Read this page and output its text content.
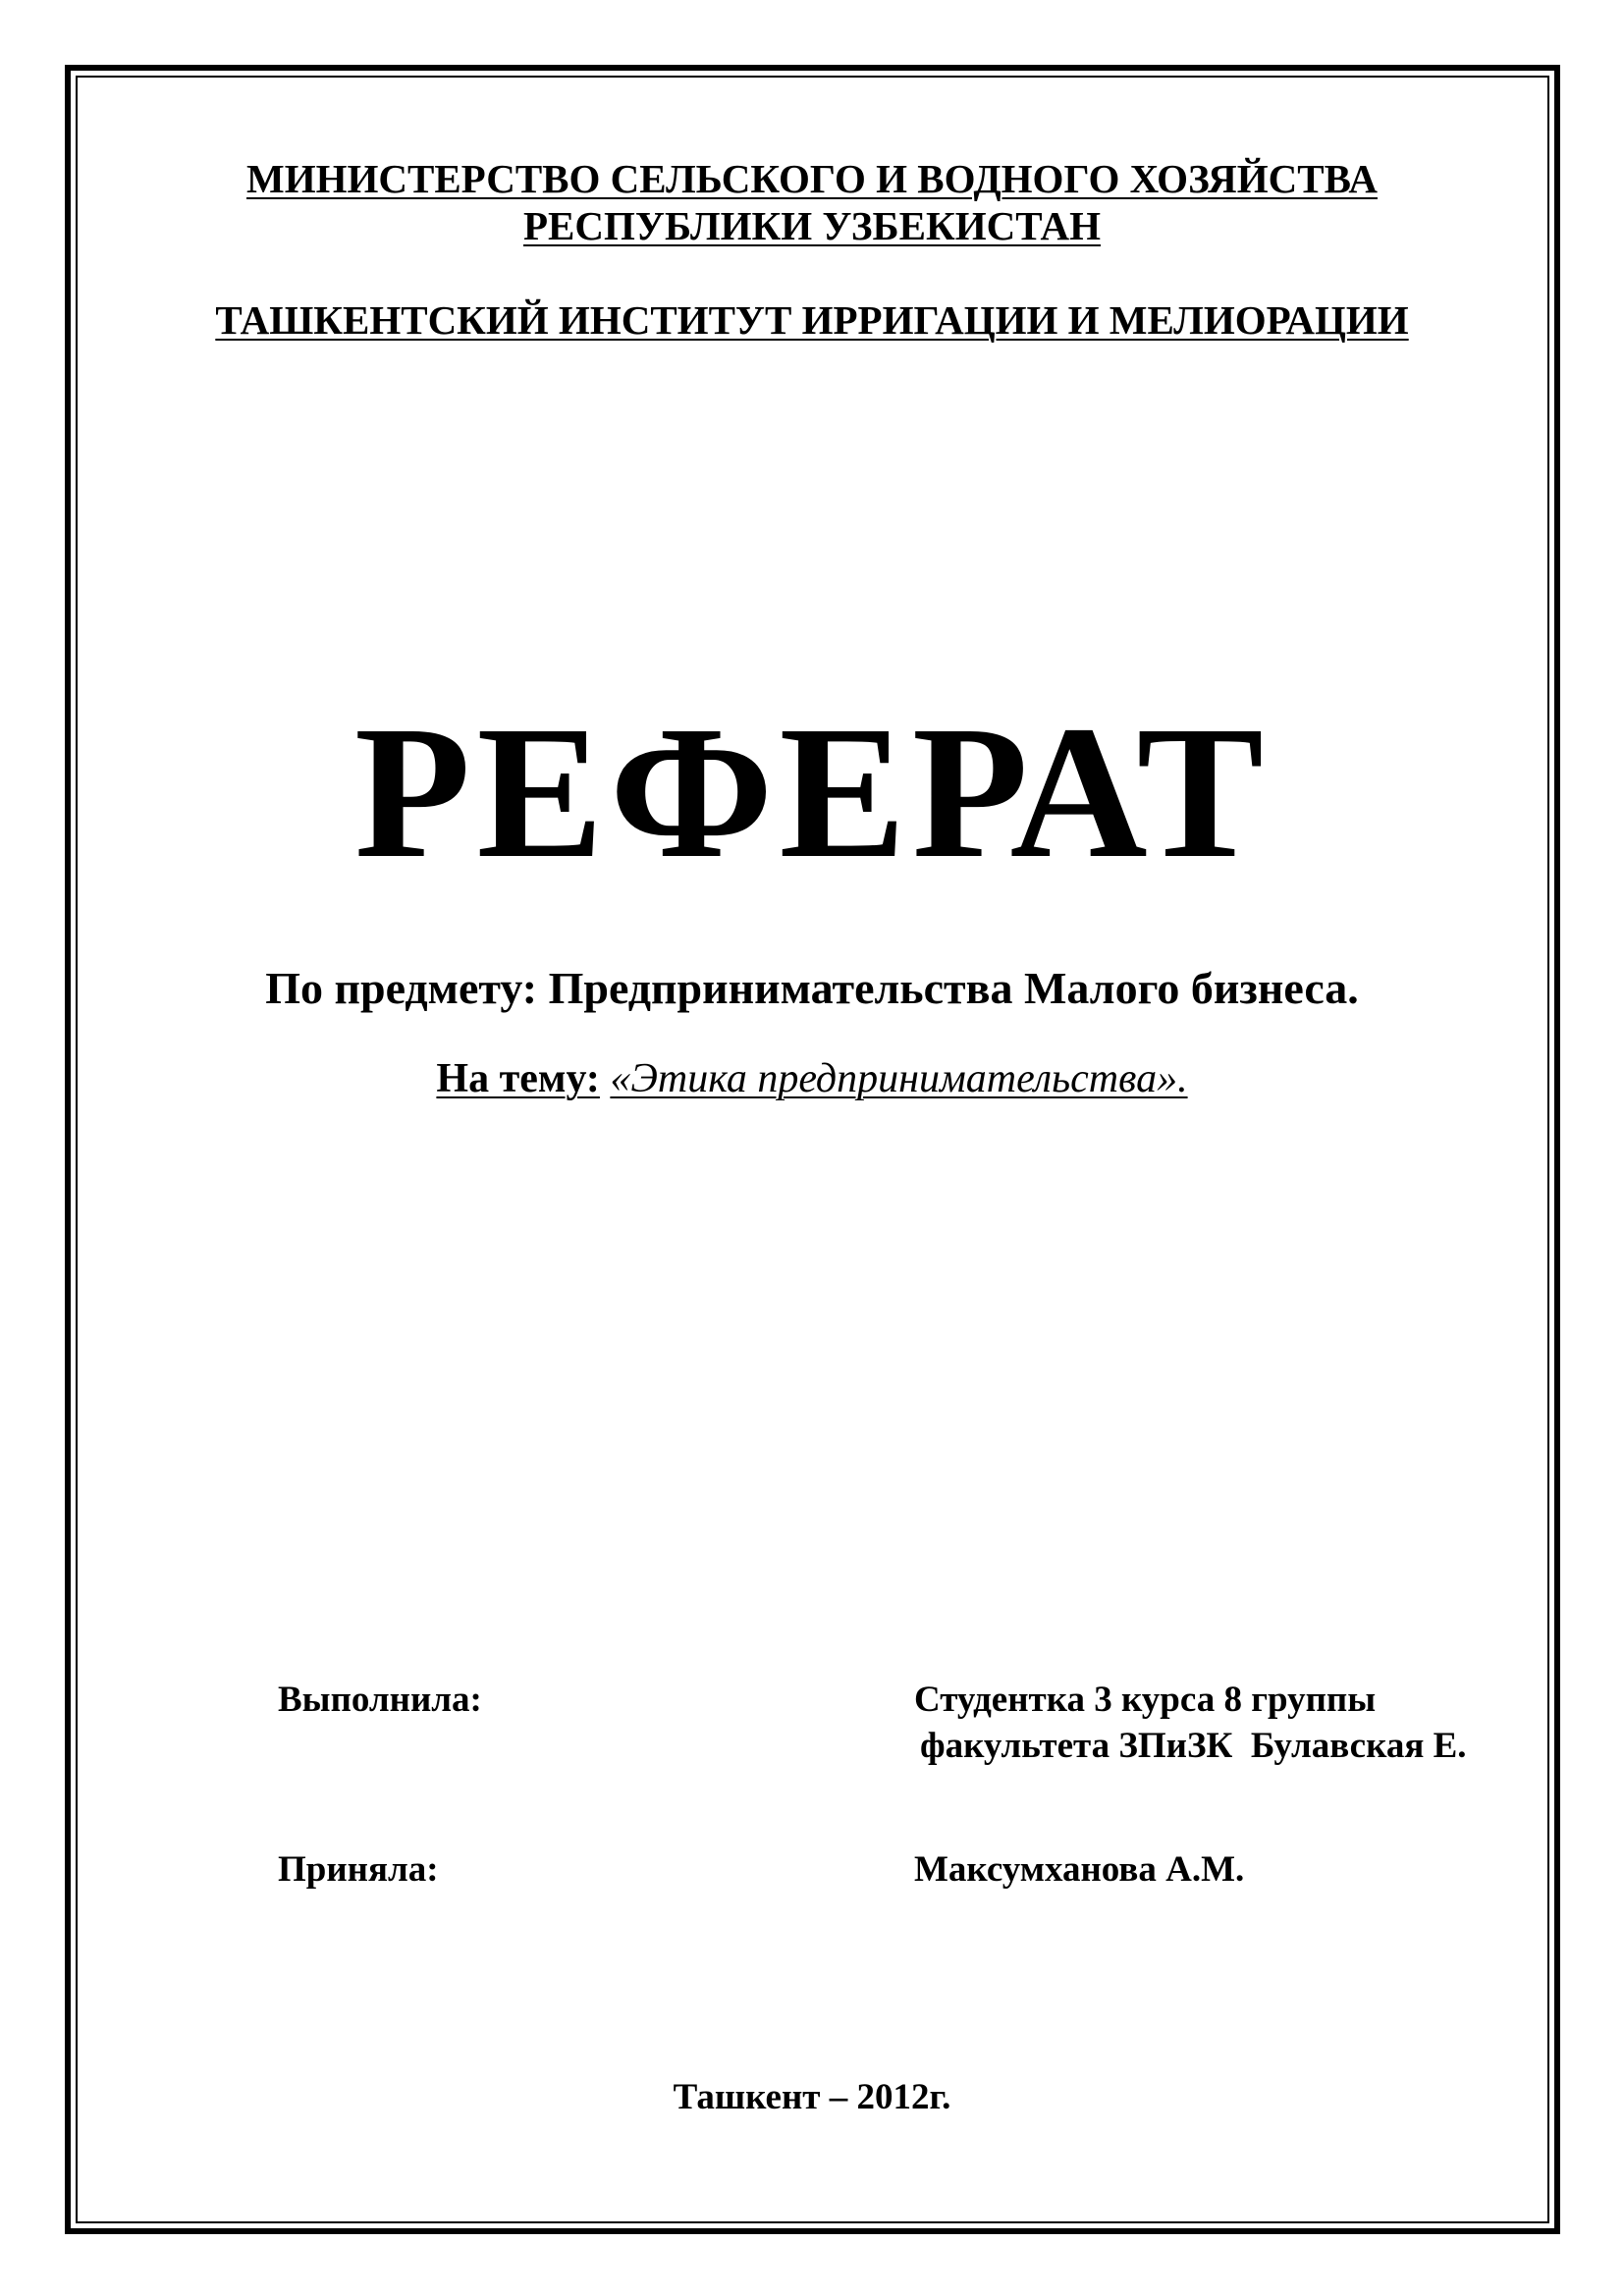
МИНИСТЕРСТВО СЕЛЬСКОГО И ВОДНОГО ХОЗЯЙСТВА
РЕСПУБЛИКИ УЗБЕКИСТАН
ТАШКЕНТСКИЙ ИНСТИТУТ ИРРИГАЦИИ И МЕЛИОРАЦИИ
РЕФЕРАТ
По предмету: Предпринимательства Малого бизнеса.
На тему: «Этика предпринимательства».
Выполнила:	Студентка 3 курса 8 группы
факультета ЗПиЗК  Булавская Е.
Приняла:	Максумханова А.М.
Ташкент – 2012г.
